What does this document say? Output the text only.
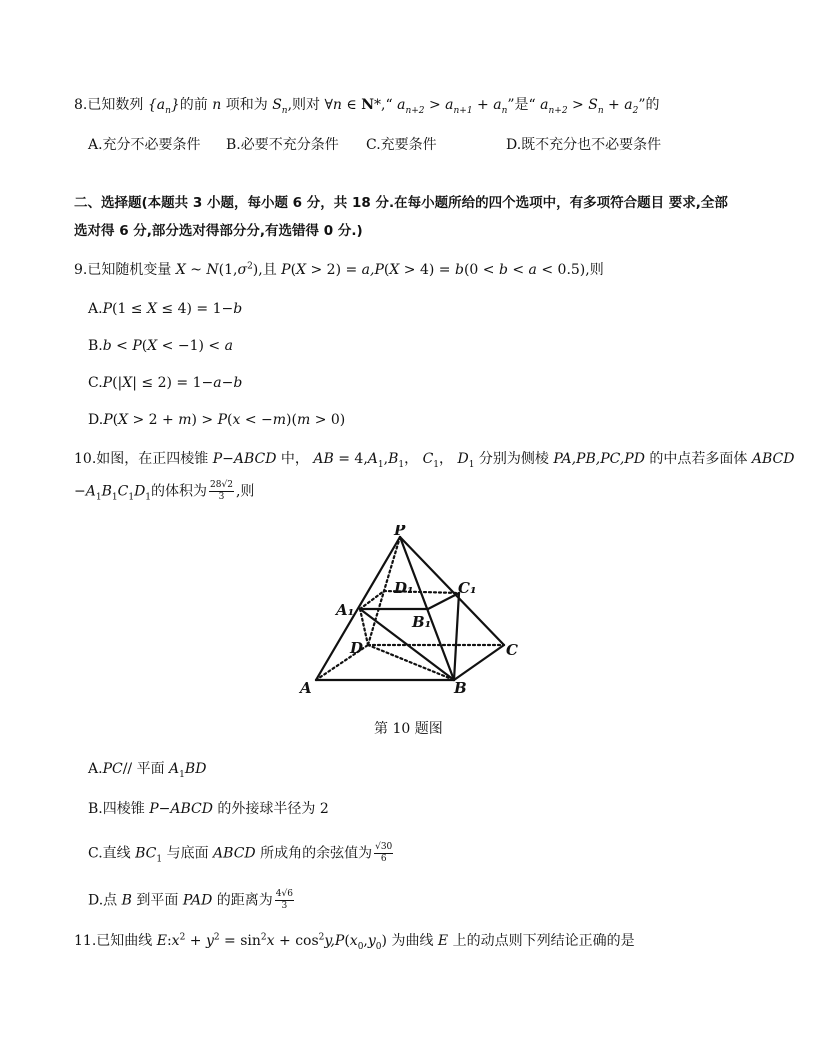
8.已知数列 $\{a_n\}$的前 n 项和为 $S_n$,则对 ∀n ∈ N*,“ $a_{n+2} > a_{n+1} + a_n$”是“ $a_{n+2} > S_n + a_2$”的
A.充分不必要条件 B.必要不充分条件 C.充要条件	D.既不充分也不必要条件
二、选择题(本题共 3 小题，每小题 6 分，共 18 分.在每小题所给的四个选项中，有多项符合题目 要求,全部
选对得 6 分,部分选对得部分分,有选错得 0 分.)
9.已知随机变量 X ~ $N(1,\sigma^2)$,且 P(X > 2) = a,P(X > 4) = b(0 < b < a < 0.5),则
A.P(1 ≤ X ≤ 4) = 1−b
B.b < P(X < −1) < a
C.P(|X| ≤ 2) = 1−a−b
D.P(X > 2 + m) > P(x < −m)(m > 0)
10.如图，在正四棱锥 P−ABCD 中， AB = $4,A_1,B_1$， $C_1$， $D_1$ 分别为侧棱 PA,PB,PC,PD 的中点若多面体 ABCD
$-A_1B_1C_1D_1$的体积为 $\frac{28√2}{3}$ ,则
P
D₁	C₁
A₁
B₁
D	C
A	B
第 10 题图
A.PC// 平面 $A_1BD$
B.四棱锥 P−ABCD 的外接球半径为 2
C.直线 $BC_1$ 与底面 ABCD 所成角的余弦值为 $\frac{√30}{6}$
D.点 B 到平面 PAD 的距离为 $\frac{4√6}{3}$
11.已知曲线 $E:x^2 + y^2 = \sin^2x + \cos^2y,P(x_0,y_0)$ 为曲线 E 上的动点则下列结论正确的是
